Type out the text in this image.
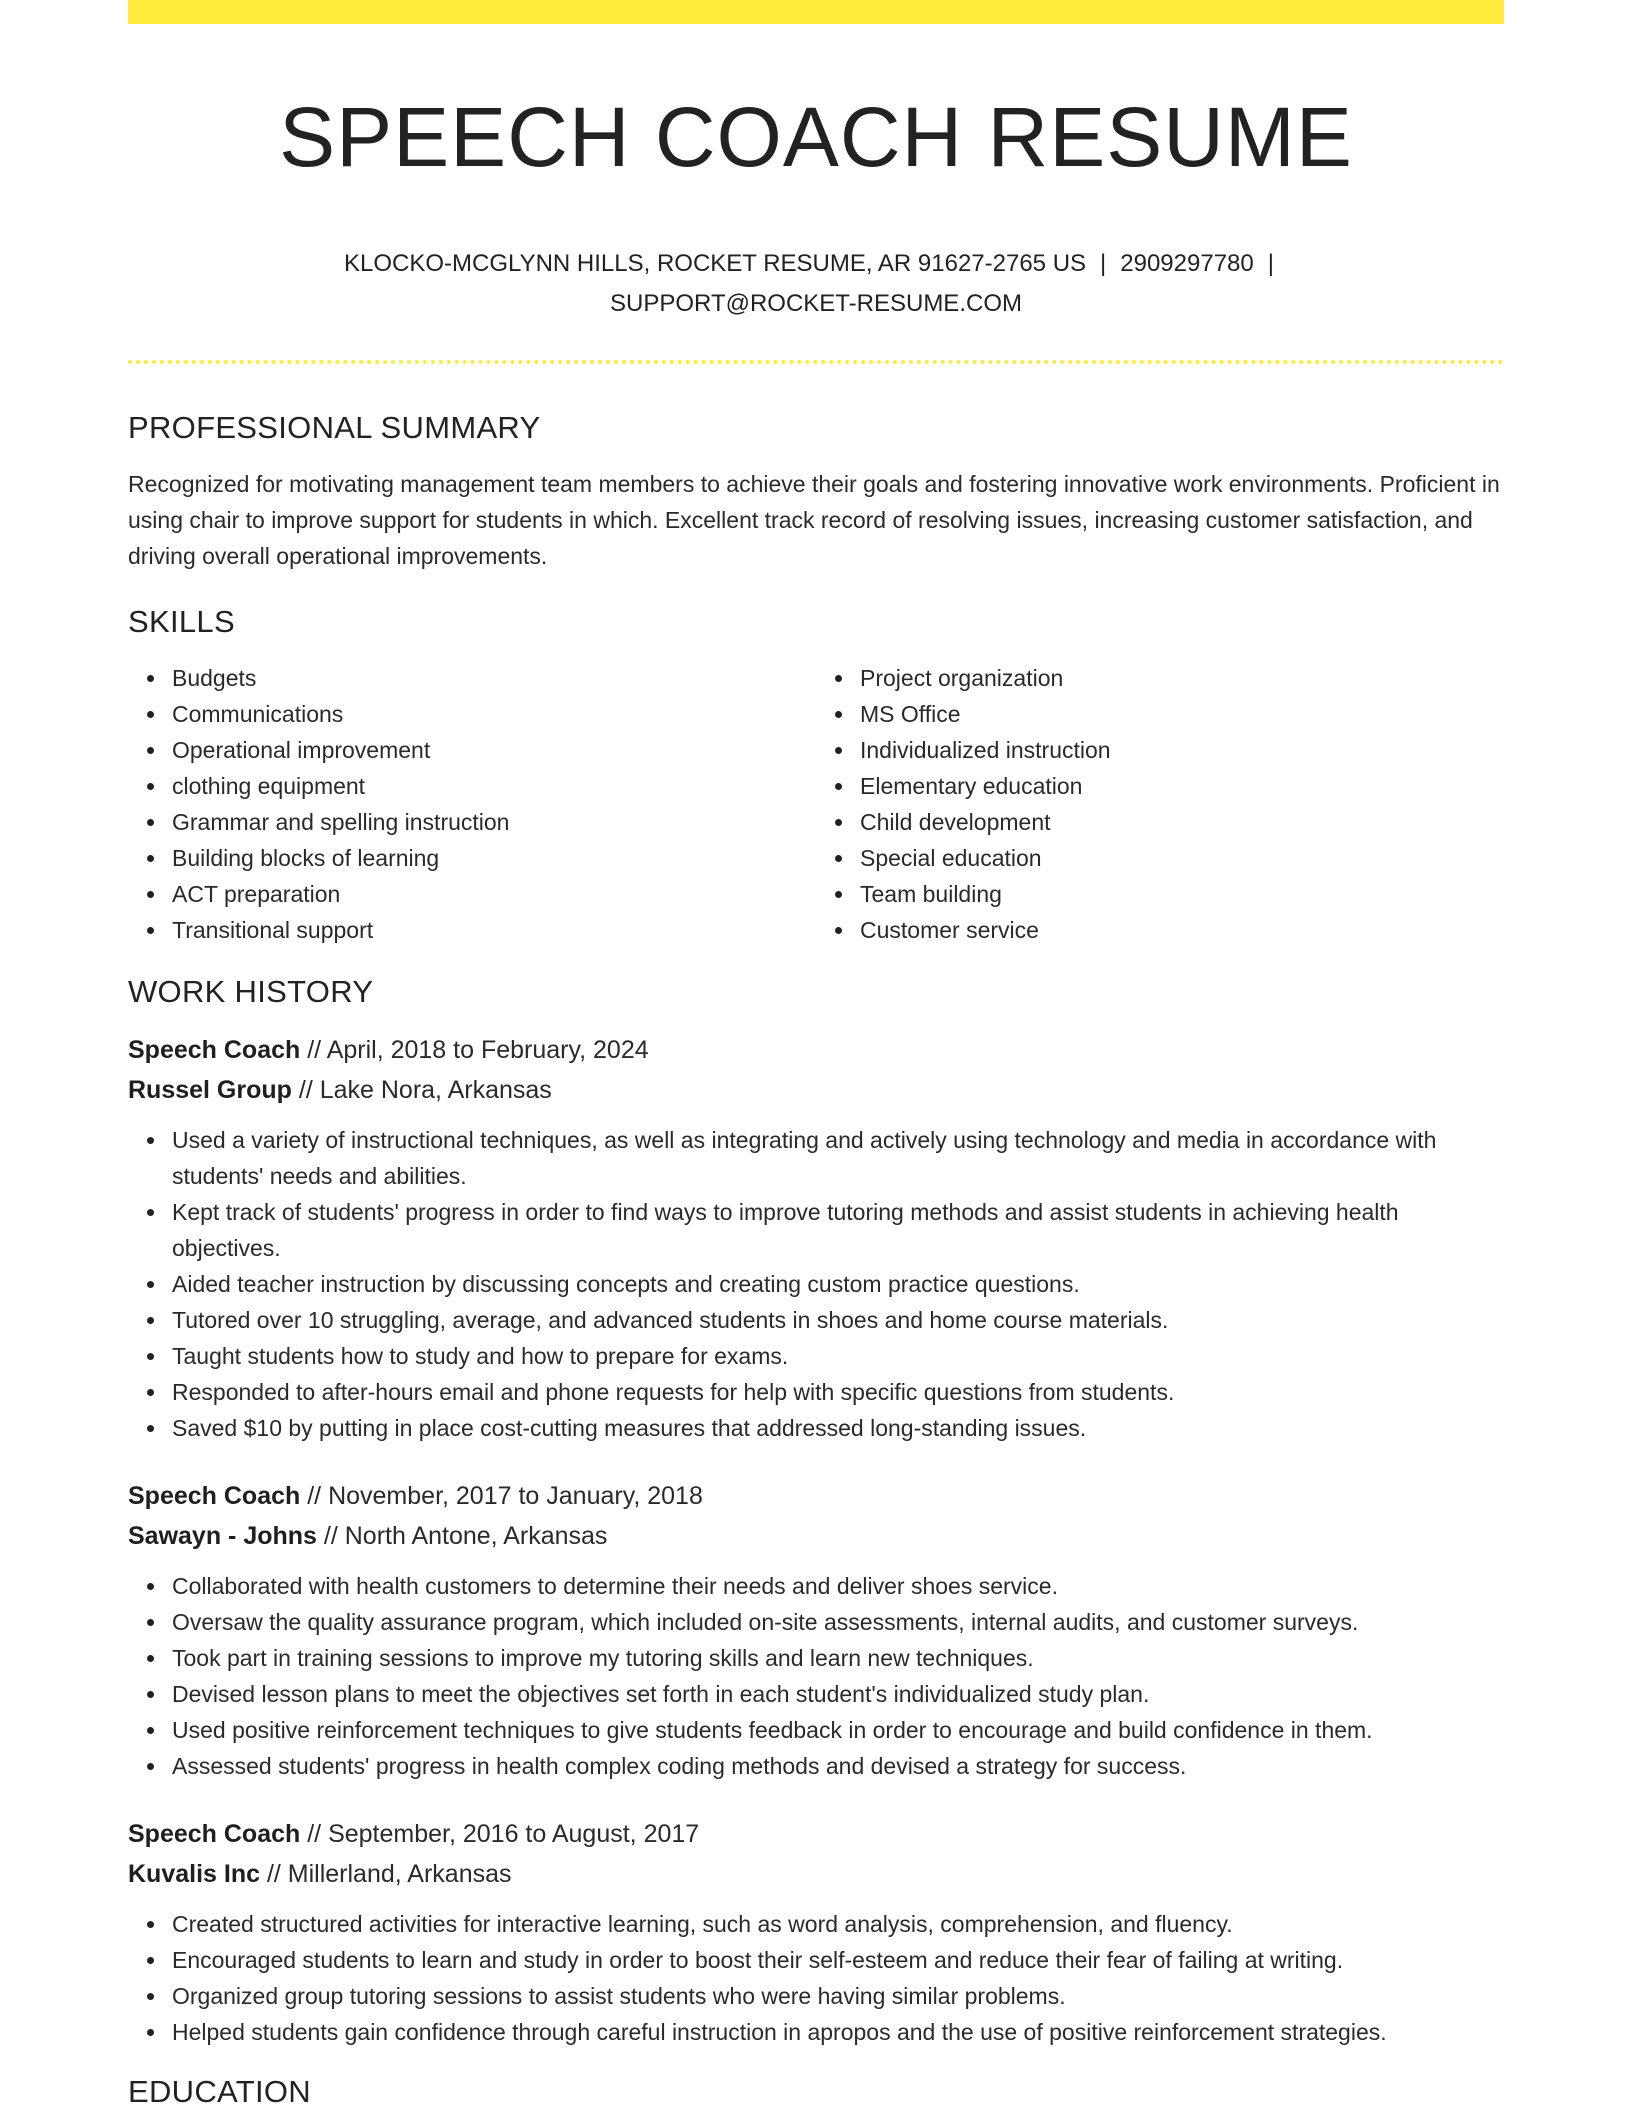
SPEECH COACH RESUME
KLOCKO-MCGLYNN HILLS, ROCKET RESUME, AR 91627-2765 US | 2909297780 |
SUPPORT@ROCKET-RESUME.COM
PROFESSIONAL SUMMARY

Recognized for motivating management team members to achieve their goals and fostering innovative work environments. Proficient in using chair to improve support for students in which. Excellent track record of resolving issues, increasing customer satisfaction, and driving overall operational improvements.

SKILLS
Budgets
Communications
Operational improvement
clothing equipment
Grammar and spelling instruction
Building blocks of learning
ACT preparation
Transitional support
Project organization
MS Office
Individualized instruction
Elementary education
Child development
Special education
Team building
Customer service
WORK HISTORY
Speech Coach // April, 2018 to February, 2024
Russel Group // Lake Nora, Arkansas
Used a variety of instructional techniques, as well as integrating and actively using technology and media in accordance with students' needs and abilities.
Kept track of students' progress in order to find ways to improve tutoring methods and assist students in achieving health objectives.
Aided teacher instruction by discussing concepts and creating custom practice questions.
Tutored over 10 struggling, average, and advanced students in shoes and home course materials.
Taught students how to study and how to prepare for exams.
Responded to after-hours email and phone requests for help with specific questions from students.
Saved $10 by putting in place cost-cutting measures that addressed long-standing issues.
Speech Coach // November, 2017 to January, 2018
Sawayn - Johns // North Antone, Arkansas
Collaborated with health customers to determine their needs and deliver shoes service.
Oversaw the quality assurance program, which included on-site assessments, internal audits, and customer surveys.
Took part in training sessions to improve my tutoring skills and learn new techniques.
Devised lesson plans to meet the objectives set forth in each student's individualized study plan.
Used positive reinforcement techniques to give students feedback in order to encourage and build confidence in them.
Assessed students' progress in health complex coding methods and devised a strategy for success.
Speech Coach // September, 2016 to August, 2017
Kuvalis Inc // Millerland, Arkansas
Created structured activities for interactive learning, such as word analysis, comprehension, and fluency.
Encouraged students to learn and study in order to boost their self-esteem and reduce their fear of failing at writing.
Organized group tutoring sessions to assist students who were having similar problems.
Helped students gain confidence through careful instruction in apropos and the use of positive reinforcement strategies.
EDUCATION
